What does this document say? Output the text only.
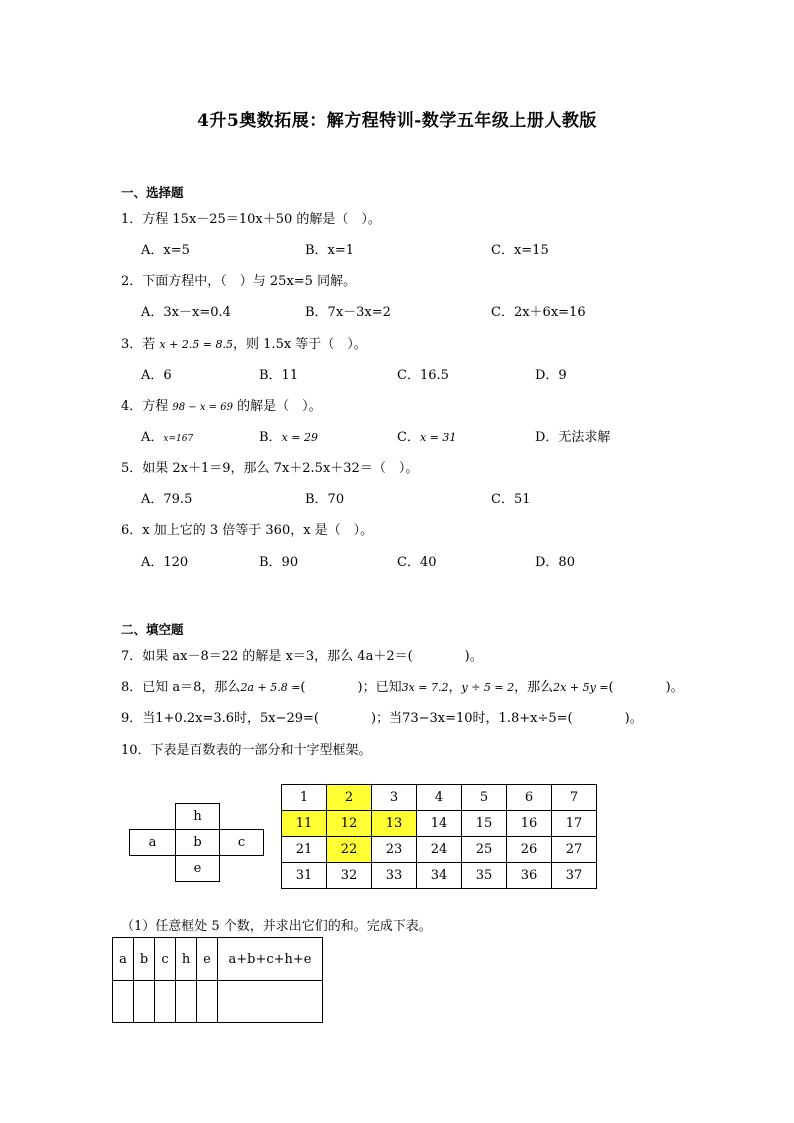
4升5奥数拓展：解方程特训-数学五年级上册人教版
一、选择题
1．方程 15x－25＝10x＋50 的解是（　）。
A．x=5	B．x=1	C．x=15
2．下面方程中，（　）与 25x=5 同解。
A．3x－x=0.4	B．7x－3x=2	C．2x＋6x=16
3．若 x + 2.5 = 8.5，则 1.5x 等于（　）。
A．6	B．11	C．16.5	D．9
4．方程 98 − x = 69 的解是（　）。
A．x=167	B．x = 29	C．x = 31	D．无法求解
5．如果 2x＋1＝9，那么 7x＋2.5x＋32＝（　）。
A．79.5	B．70	C．51
6．x 加上它的 3 倍等于 360，x 是（　）。
A．120	B．90	C．40	D．80
二、填空题
7．如果 ax－8＝22 的解是 x＝3，那么 4a＋2＝(　　　　)。
8．已知 a＝8，那么2a + 5.8 =(　　　　)；已知3x = 7.2，y ÷ 5 = 2，那么2x + 5y =(　　　　)。
9．当1+0.2x=3.6时，5x−29=(　　　　)；当73−3x=10时，1.8+x÷5=(　　　　)。
10．下表是百数表的一部分和十字型框架。
h
a	b	c
e
1	2	3	4	5	6	7
11	12	13	14	15	16	17
21	22	23	24	25	26	27
31	32	33	34	35	36	37
（1）任意框处 5 个数，并求出它们的和。完成下表。
a	b	c	h	e	a+b+c+h+e
